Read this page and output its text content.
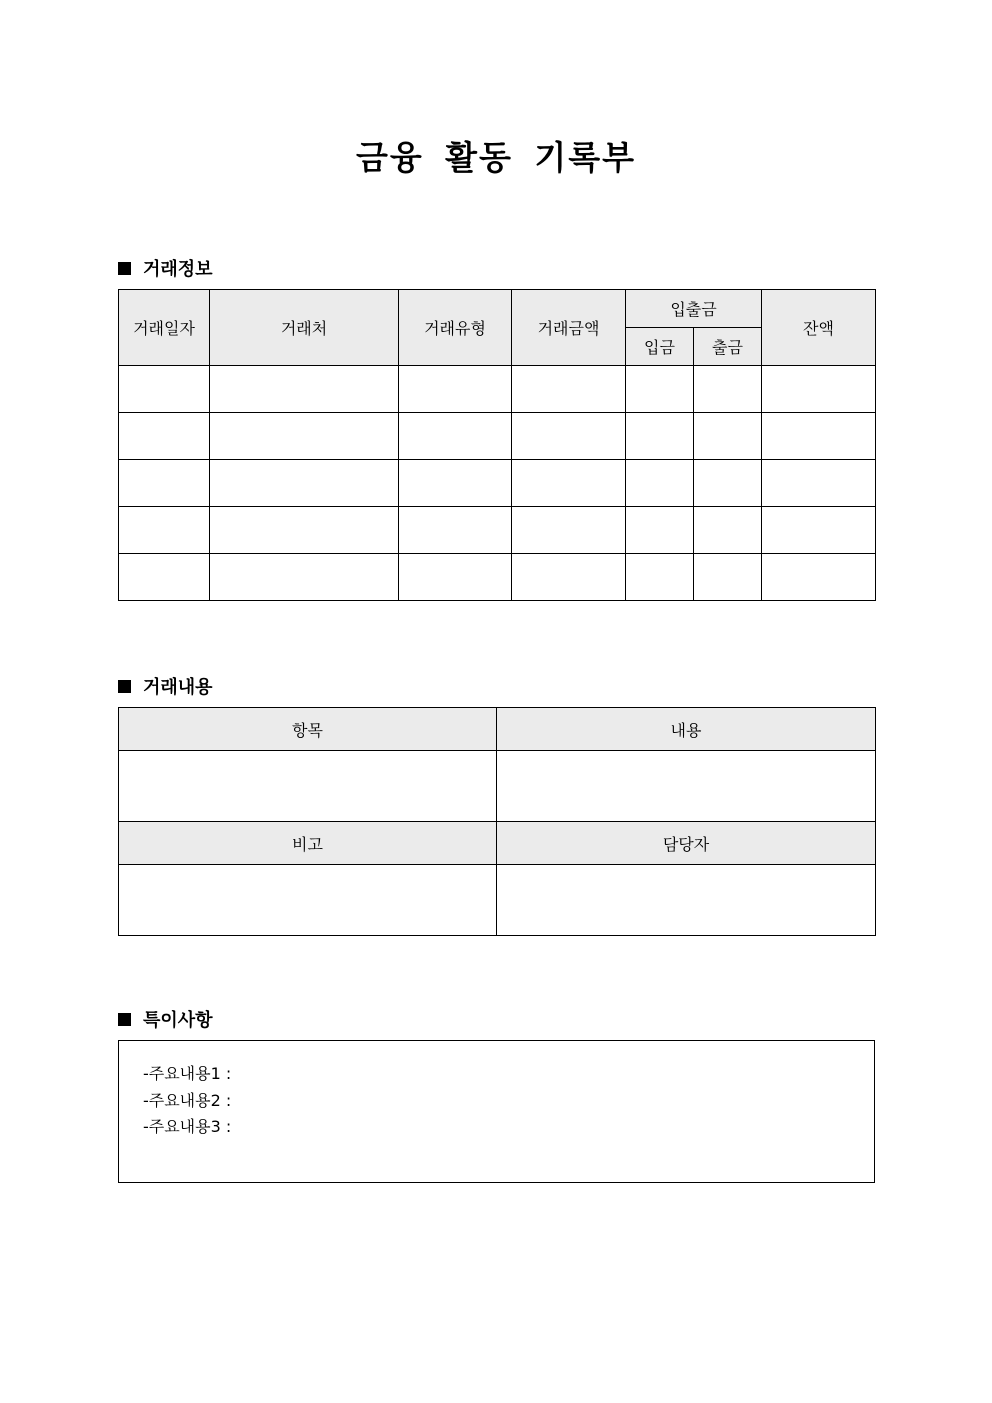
금융 활동 기록부
거래정보
거래일자	거래처	거래유형	거래금액	입출금		잔액
				입금	출금	

거래내용
항목	내용

비고	담당자

특이사항
-주요내용1 :
-주요내용2 :
-주요내용3 :
